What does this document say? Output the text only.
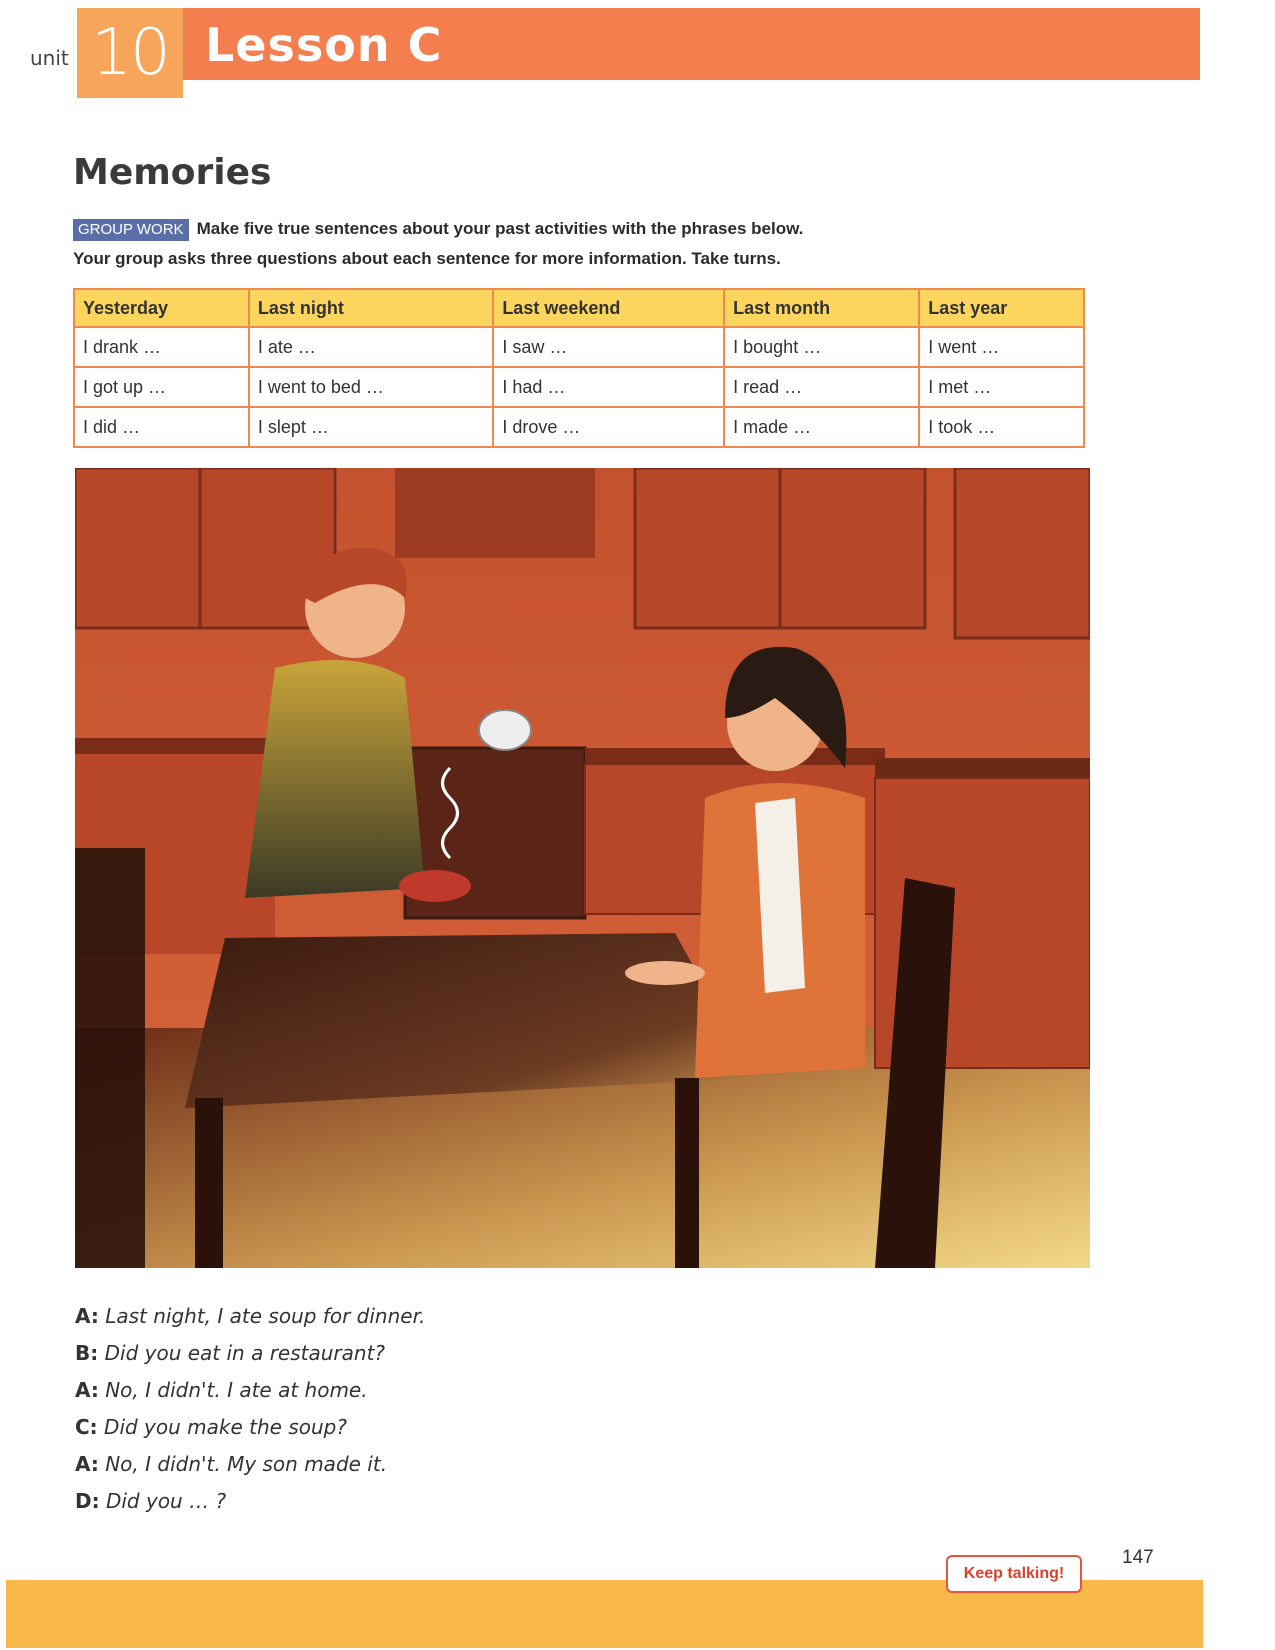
unit 10 Lesson C
Memories
GROUP WORK Make five true sentences about your past activities with the phrases below.
Your group asks three questions about each sentence for more information. Take turns.
Yesterday	Last night	Last weekend	Last month	Last year
I drank …	I ate …	I saw …	I bought …	I went …
I got up …	I went to bed …	I had …	I read …	I met …
I did …	I slept …	I drove …	I made …	I took …
A: Last night, I ate soup for dinner.
B: Did you eat in a restaurant?
A: No, I didn't. I ate at home.
C: Did you make the soup?
A: No, I didn't. My son made it.
D: Did you … ?
Keep talking!
147
